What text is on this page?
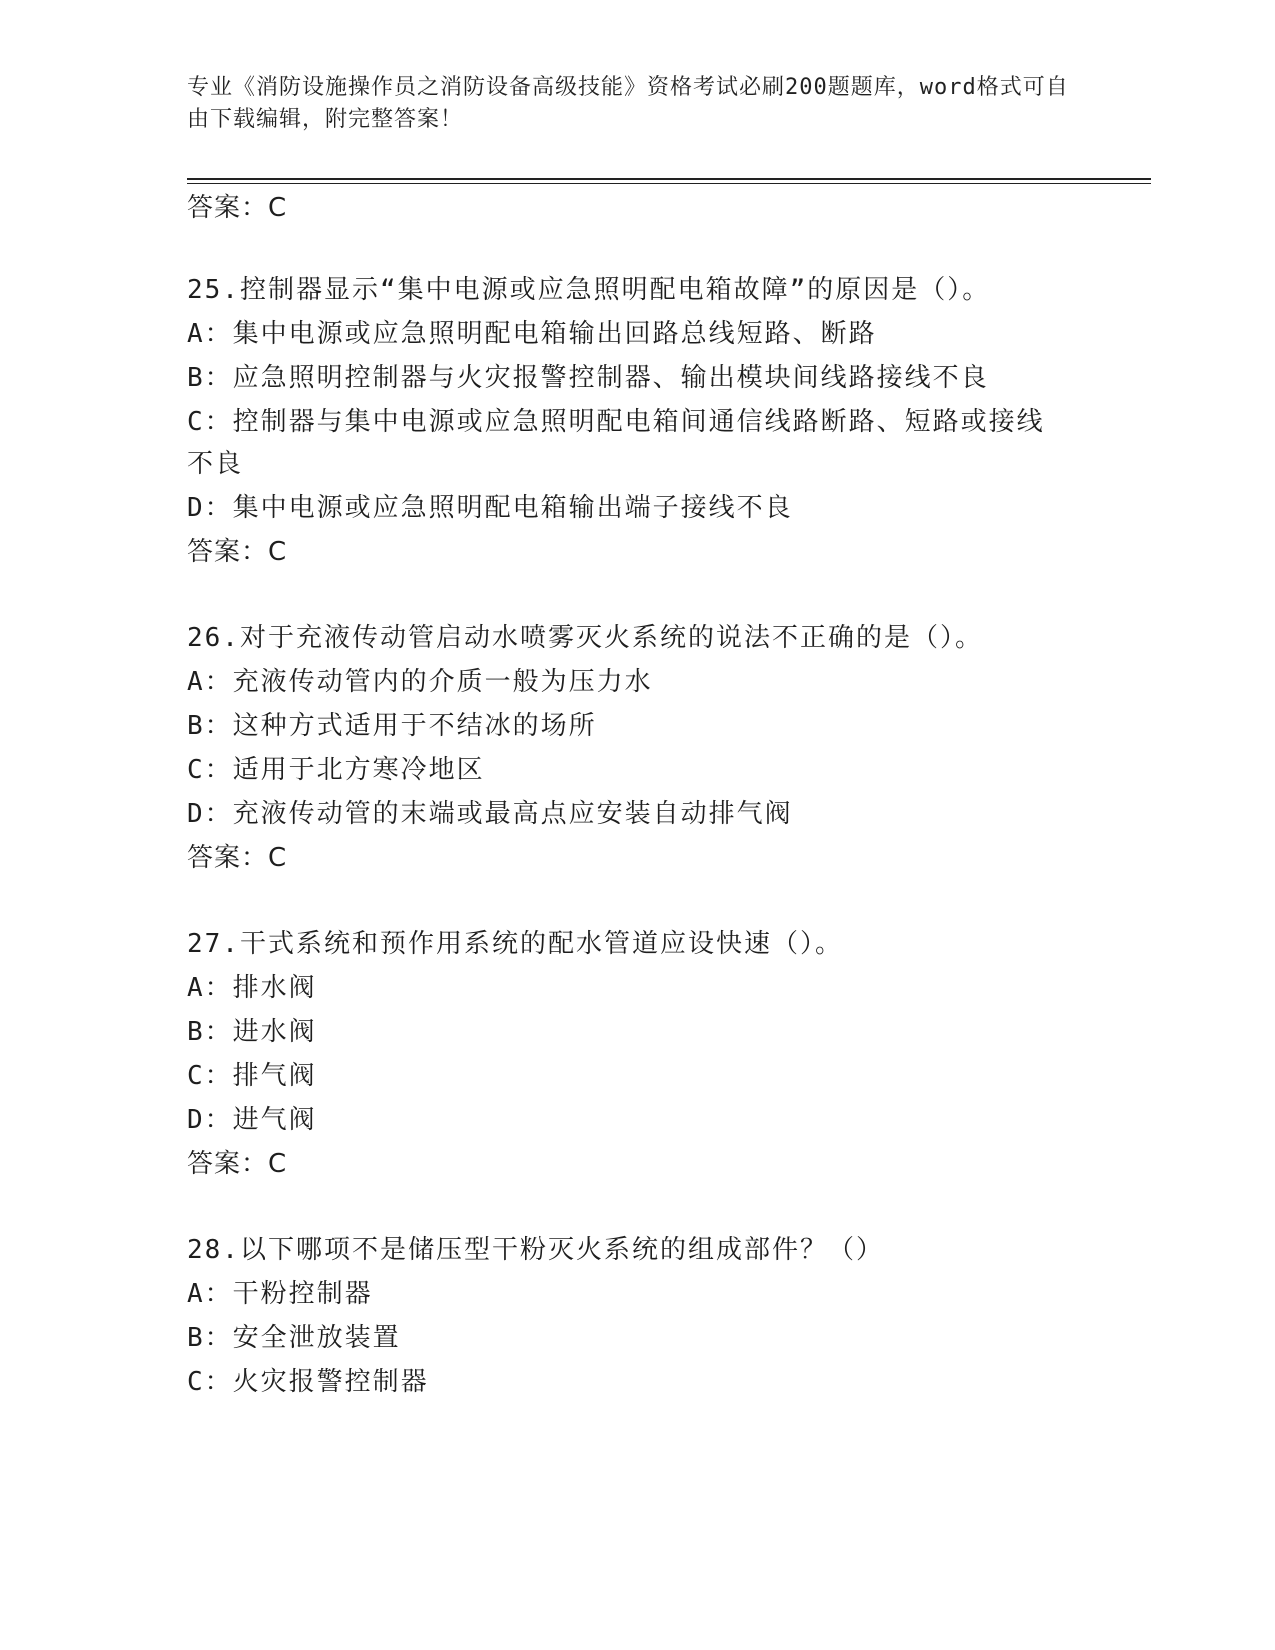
专业《消防设施操作员之消防设备高级技能》资格考试必刷200题题库，word格式可自由下载编辑，附完整答案！
答案：C
25.控制器显示“集中电源或应急照明配电箱故障”的原因是（）。
A：集中电源或应急照明配电箱输出回路总线短路、断路
B：应急照明控制器与火灾报警控制器、输出模块间线路接线不良
C：控制器与集中电源或应急照明配电箱间通信线路断路、短路或接线
不良
D：集中电源或应急照明配电箱输出端子接线不良
答案：C
26.对于充液传动管启动水喷雾灭火系统的说法不正确的是（）。
A：充液传动管内的介质一般为压力水
B：这种方式适用于不结冰的场所
C：适用于北方寒冷地区
D：充液传动管的末端或最高点应安装自动排气阀
答案：C
27.干式系统和预作用系统的配水管道应设快速（）。
A：排水阀
B：进水阀
C：排气阀
D：进气阀
答案：C
28.以下哪项不是储压型干粉灭火系统的组成部件？（）
A：干粉控制器
B：安全泄放装置
C：火灾报警控制器
